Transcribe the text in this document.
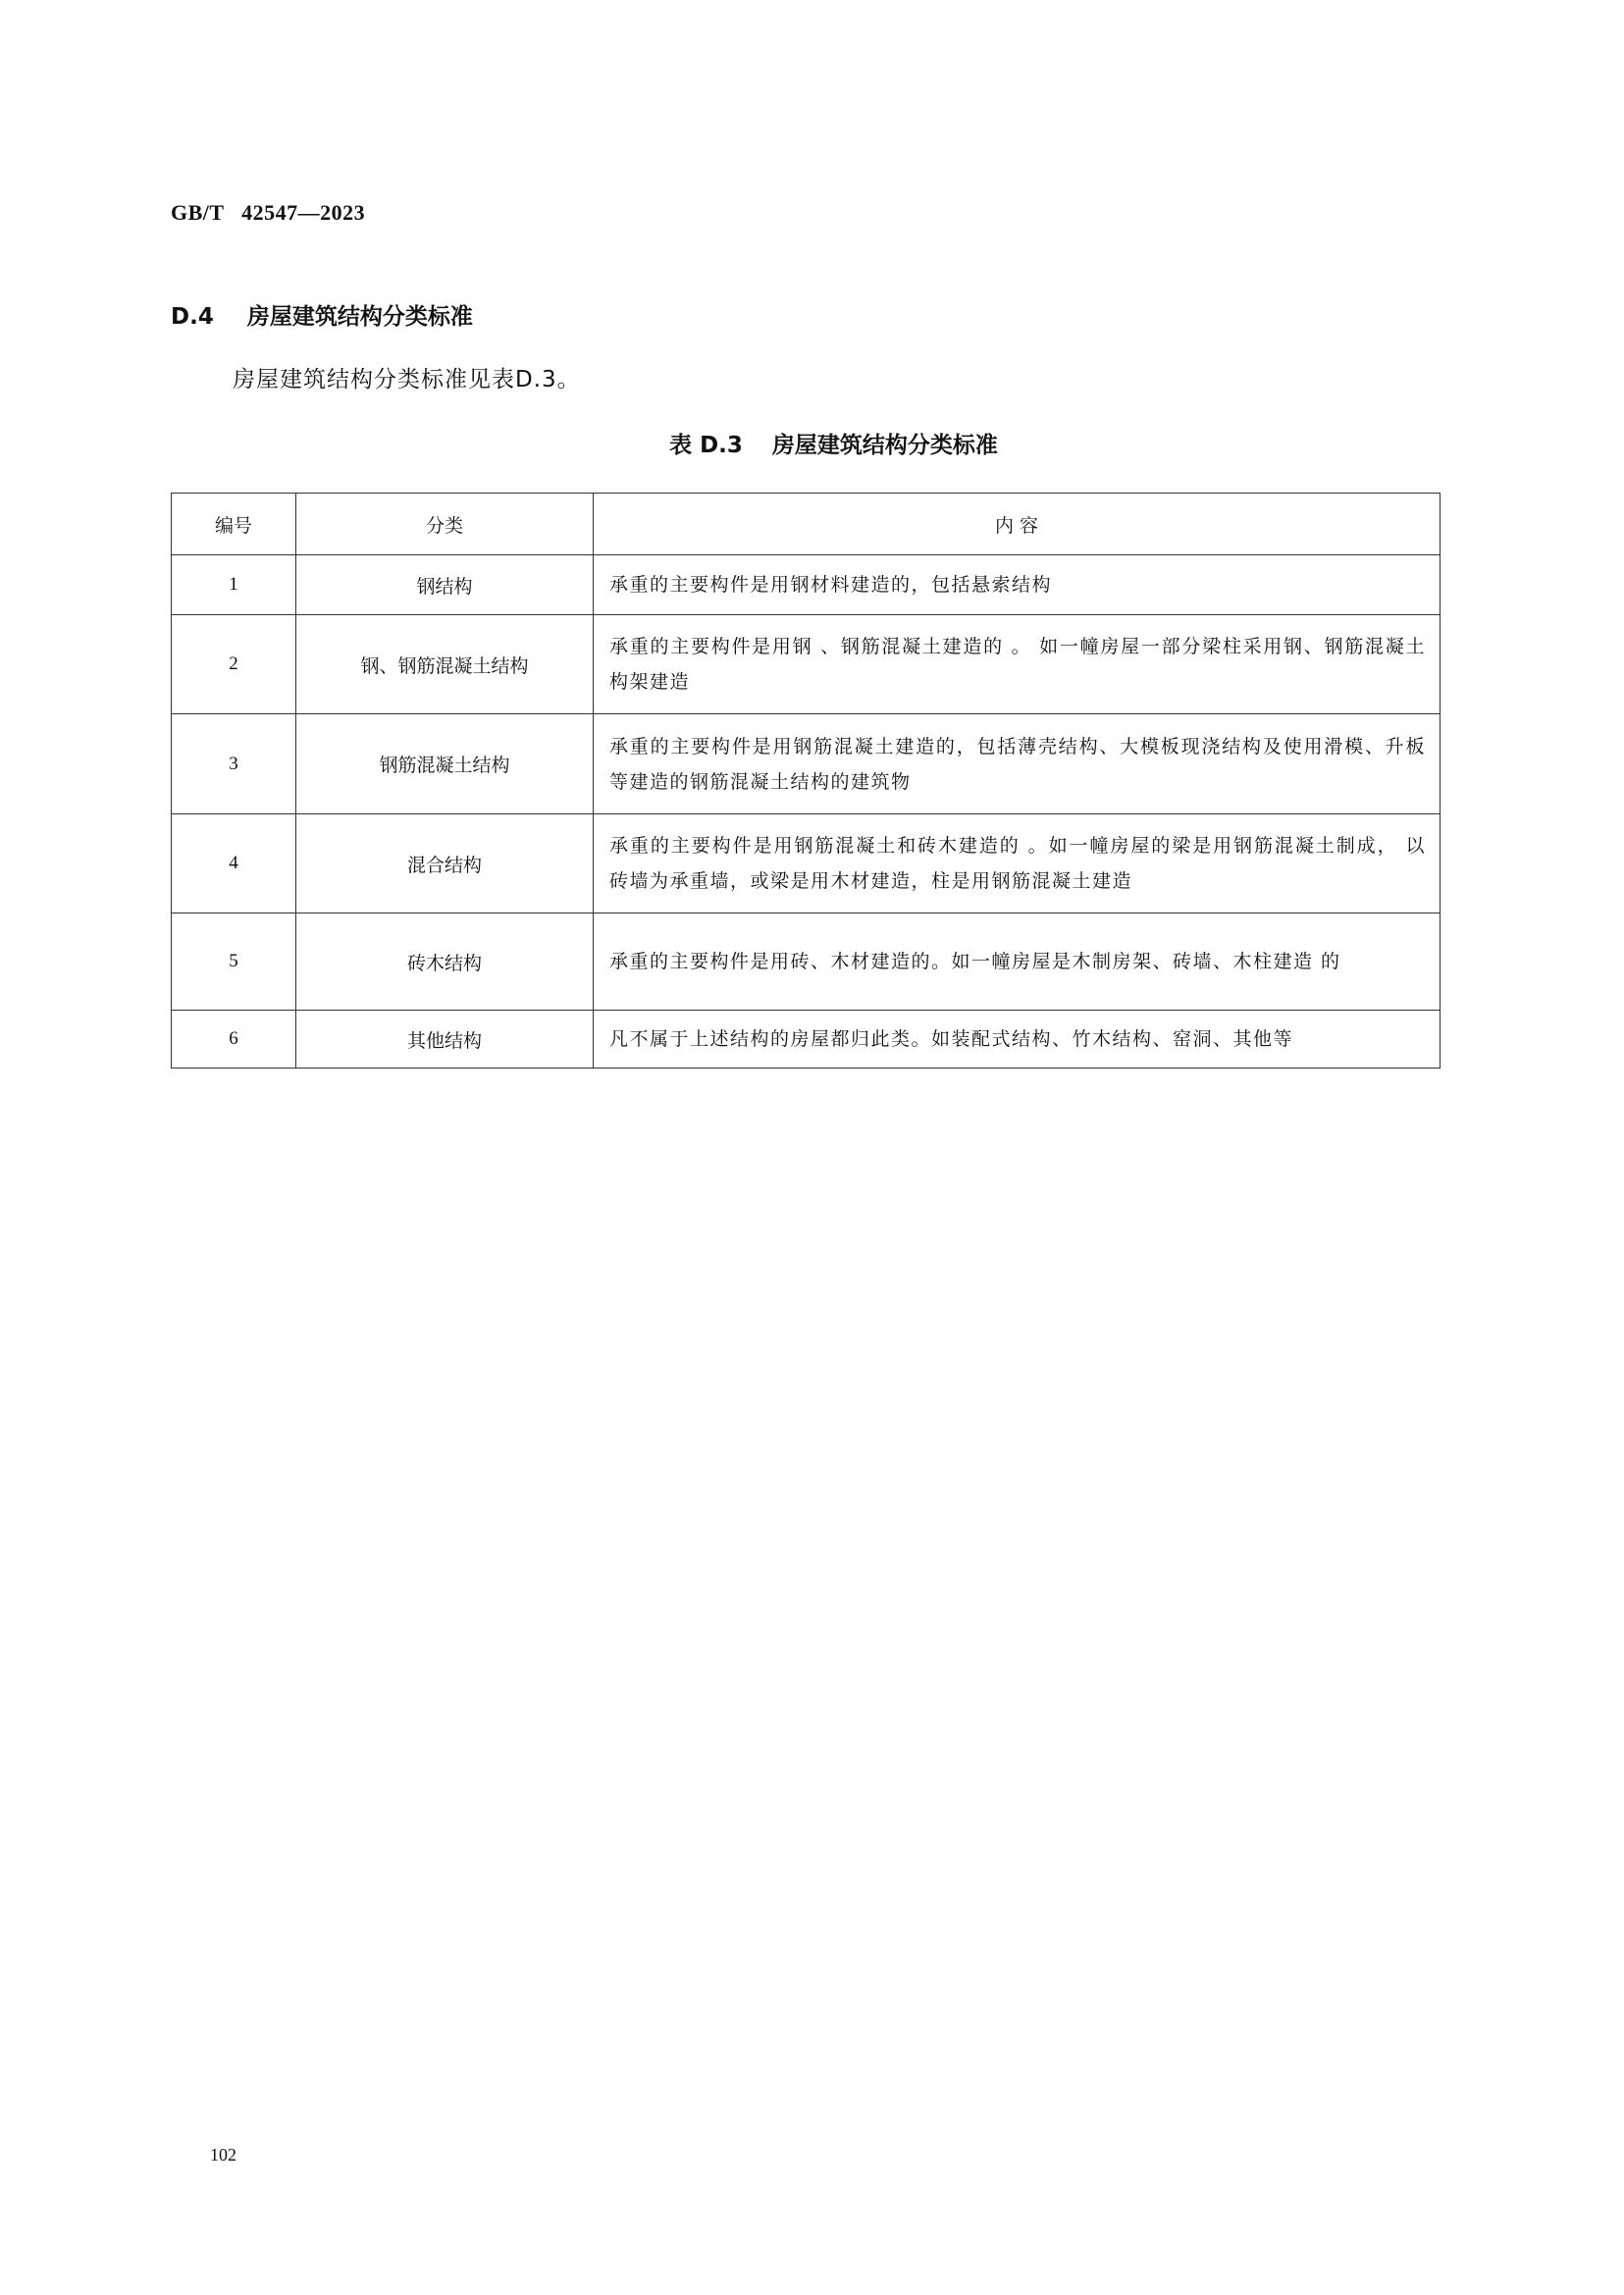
GB/T   42547—2023
D.4 房屋建筑结构分类标准
房屋建筑结构分类标准见表D.3。
表 D.3 房屋建筑结构分类标准
编号	分类	内 容
1	钢结构	承重的主要构件是用钢材料建造的，包括悬索结构
2	钢、钢筋混凝土结构	承重的主要构件是用钢 、钢筋混凝土建造的 。 如一幢房屋一部分梁柱采用钢、钢筋混凝土构架建造
3	钢筋混凝土结构	承重的主要构件是用钢筋混凝土建造的，包括薄壳结构、大模板现浇结构及使用滑模、升板等建造的钢筋混凝土结构的建筑物
4	混合结构	承重的主要构件是用钢筋混凝土和砖木建造的 。如一幢房屋的梁是用钢筋混凝土制成， 以砖墙为承重墙，或梁是用木材建造，柱是用钢筋混凝土建造
5	砖木结构	承重的主要构件是用砖、木材建造的。如一幢房屋是木制房架、砖墙、木柱建造 的
6	其他结构	凡不属于上述结构的房屋都归此类。如装配式结构、竹木结构、窑洞、其他等
102
